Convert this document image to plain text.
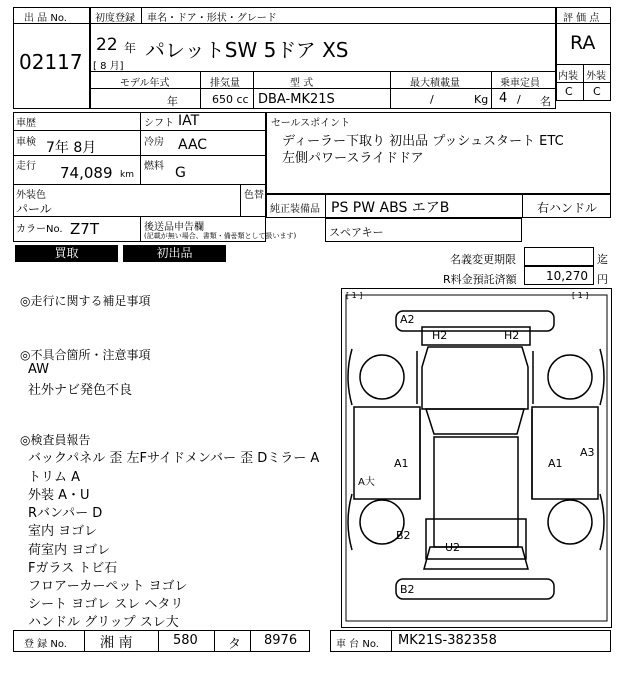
出 品 No.
02117
初度登録 車名・ドア・形状・グレード
22 年
[ 8 月]
パレットSW 5ドア XS
モデル年式	排気量	型 式	最大積載量	乗車定員
年	650 cc DBA-MK21S	/	Kg 4 / 名
評 価 点
RA
内装 外装
C C
車歴	シフト IAT
車検 7年 8月	冷房 AAC
走行 74,089 km
燃料 G
外装色
パール
色替
カラーNo. Z7T	後送品申告欄
(記載が無い場合、書類・備품類として扱います)
セールスポイント
ディーラー下取り 初出品 プッシュスタート ETC
左側パワースライドドア
純正装備品 PS PW ABS エアB	右ハンドル
スペアキー
買取	初出品	名義変更期限	迄
R料金預託済額 10,270 円
◎走行に関する補足事項
◎不具合箇所・注意事項
AW
社外ナビ発色不良
◎検査員報告
バックパネル 歪 左Fサイドメンバー 歪 Dミラー A
トリム A
外装 A・U
Rバンパー D
室内 ヨゴレ
荷室内 ヨゴレ
Fガラス トビ石
フロアーカーペット ヨゴレ
シート ヨゴレ スレ ヘタリ
ハンドル グリップ スレ大
[ 1 ]	[ 1 ]
A2
H2	H2
A1	A1
A3
A大
B2
U2
B2
登 録 No. 湘 南	580 タ 8976	車 台 No. MK21S-382358
